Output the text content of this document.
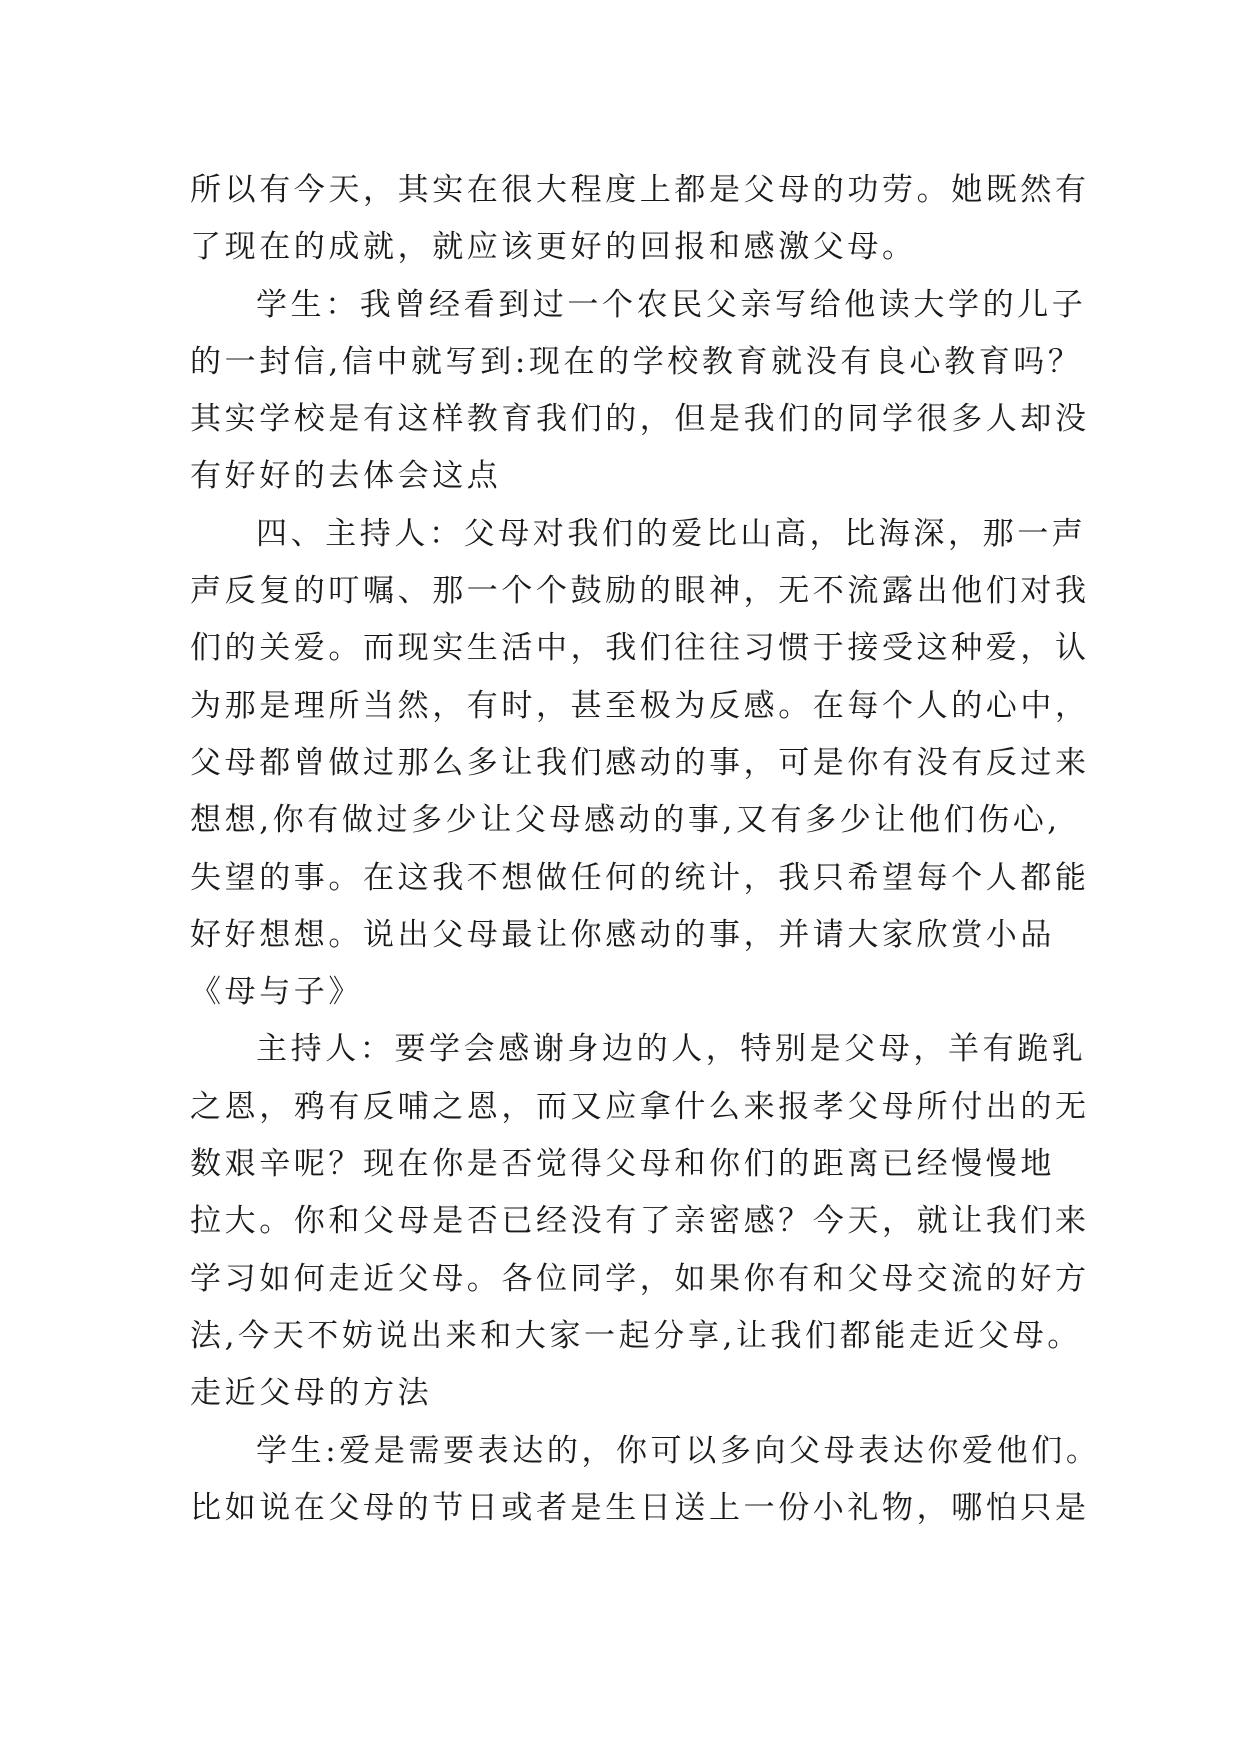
所以有今天，其实在很大程度上都是父母的功劳。她既然有
了现在的成就，就应该更好的回报和感激父母。
学生：我曾经看到过一个农民父亲写给他读大学的儿子
的一封信,信中就写到:现在的学校教育就没有良心教育吗？
其实学校是有这样教育我们的，但是我们的同学很多人却没
有好好的去体会这点
四、主持人：父母对我们的爱比山高，比海深，那一声
声反复的叮嘱、那一个个鼓励的眼神，无不流露出他们对我
们的关爱。而现实生活中，我们往往习惯于接受这种爱，认
为那是理所当然，有时，甚至极为反感。在每个人的心中，
父母都曾做过那么多让我们感动的事，可是你有没有反过来
想想,你有做过多少让父母感动的事,又有多少让他们伤心,
失望的事。在这我不想做任何的统计，我只希望每个人都能
好好想想。说出父母最让你感动的事，并请大家欣赏小品
《母与子》
主持人：要学会感谢身边的人，特别是父母，羊有跪乳
之恩，鸦有反哺之恩，而又应拿什么来报孝父母所付出的无
数艰辛呢？现在你是否觉得父母和你们的距离已经慢慢地
拉大。你和父母是否已经没有了亲密感？今天，就让我们来
学习如何走近父母。各位同学，如果你有和父母交流的好方
法,今天不妨说出来和大家一起分享,让我们都能走近父母。
走近父母的方法
学生:爱是需要表达的，你可以多向父母表达你爱他们。
比如说在父母的节日或者是生日送上一份小礼物，哪怕只是
